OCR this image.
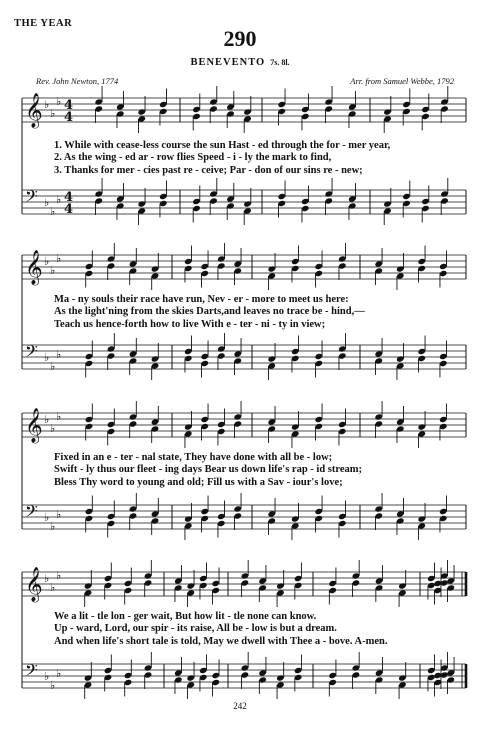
THE YEAR
290
BENEVENTO 7s. 8l.
Rev. John Newton, 1774	Arr. from Samuel Webbe, 1792
𝄞 ♭
♭
♭ 4
4
𝄢 ♭
♭
♭ 4
4
𝄞 ♭
♭
♭
𝄢 ♭
♭
♭
𝄞 ♭
♭
♭
𝄢 ♭
♭
♭
𝄞 ♭
♭
♭
𝄢 ♭
♭
♭
1. While with cease-less course the sun Hast - ed through the for - mer year,
2. As the wing - ed ar - row flies Speed - i - ly the mark to find,
3. Thanks for mer - cies past re - ceive; Par - don of our sins re - new;
Ma - ny souls their race have run, Nev - er - more to meet us here:
As the light'ning from the skies Darts,and leaves no trace be - hind,—
Teach us hence-forth how to live With e - ter - ni - ty in view;
Fixed in an e - ter - nal state, They have done with all be - low;
Swift - ly thus our fleet - ing days Bear us down life's rap - id stream;
Bless Thy word to young and old; Fill us with a Sav - iour's love;
We a lit - tle lon - ger wait, But how lit - tle none can know.
Up - ward, Lord, our spir - its raise, All be - low is but a dream.
And when life's short tale is told, May we dwell with Thee a - bove. A-men.
242
